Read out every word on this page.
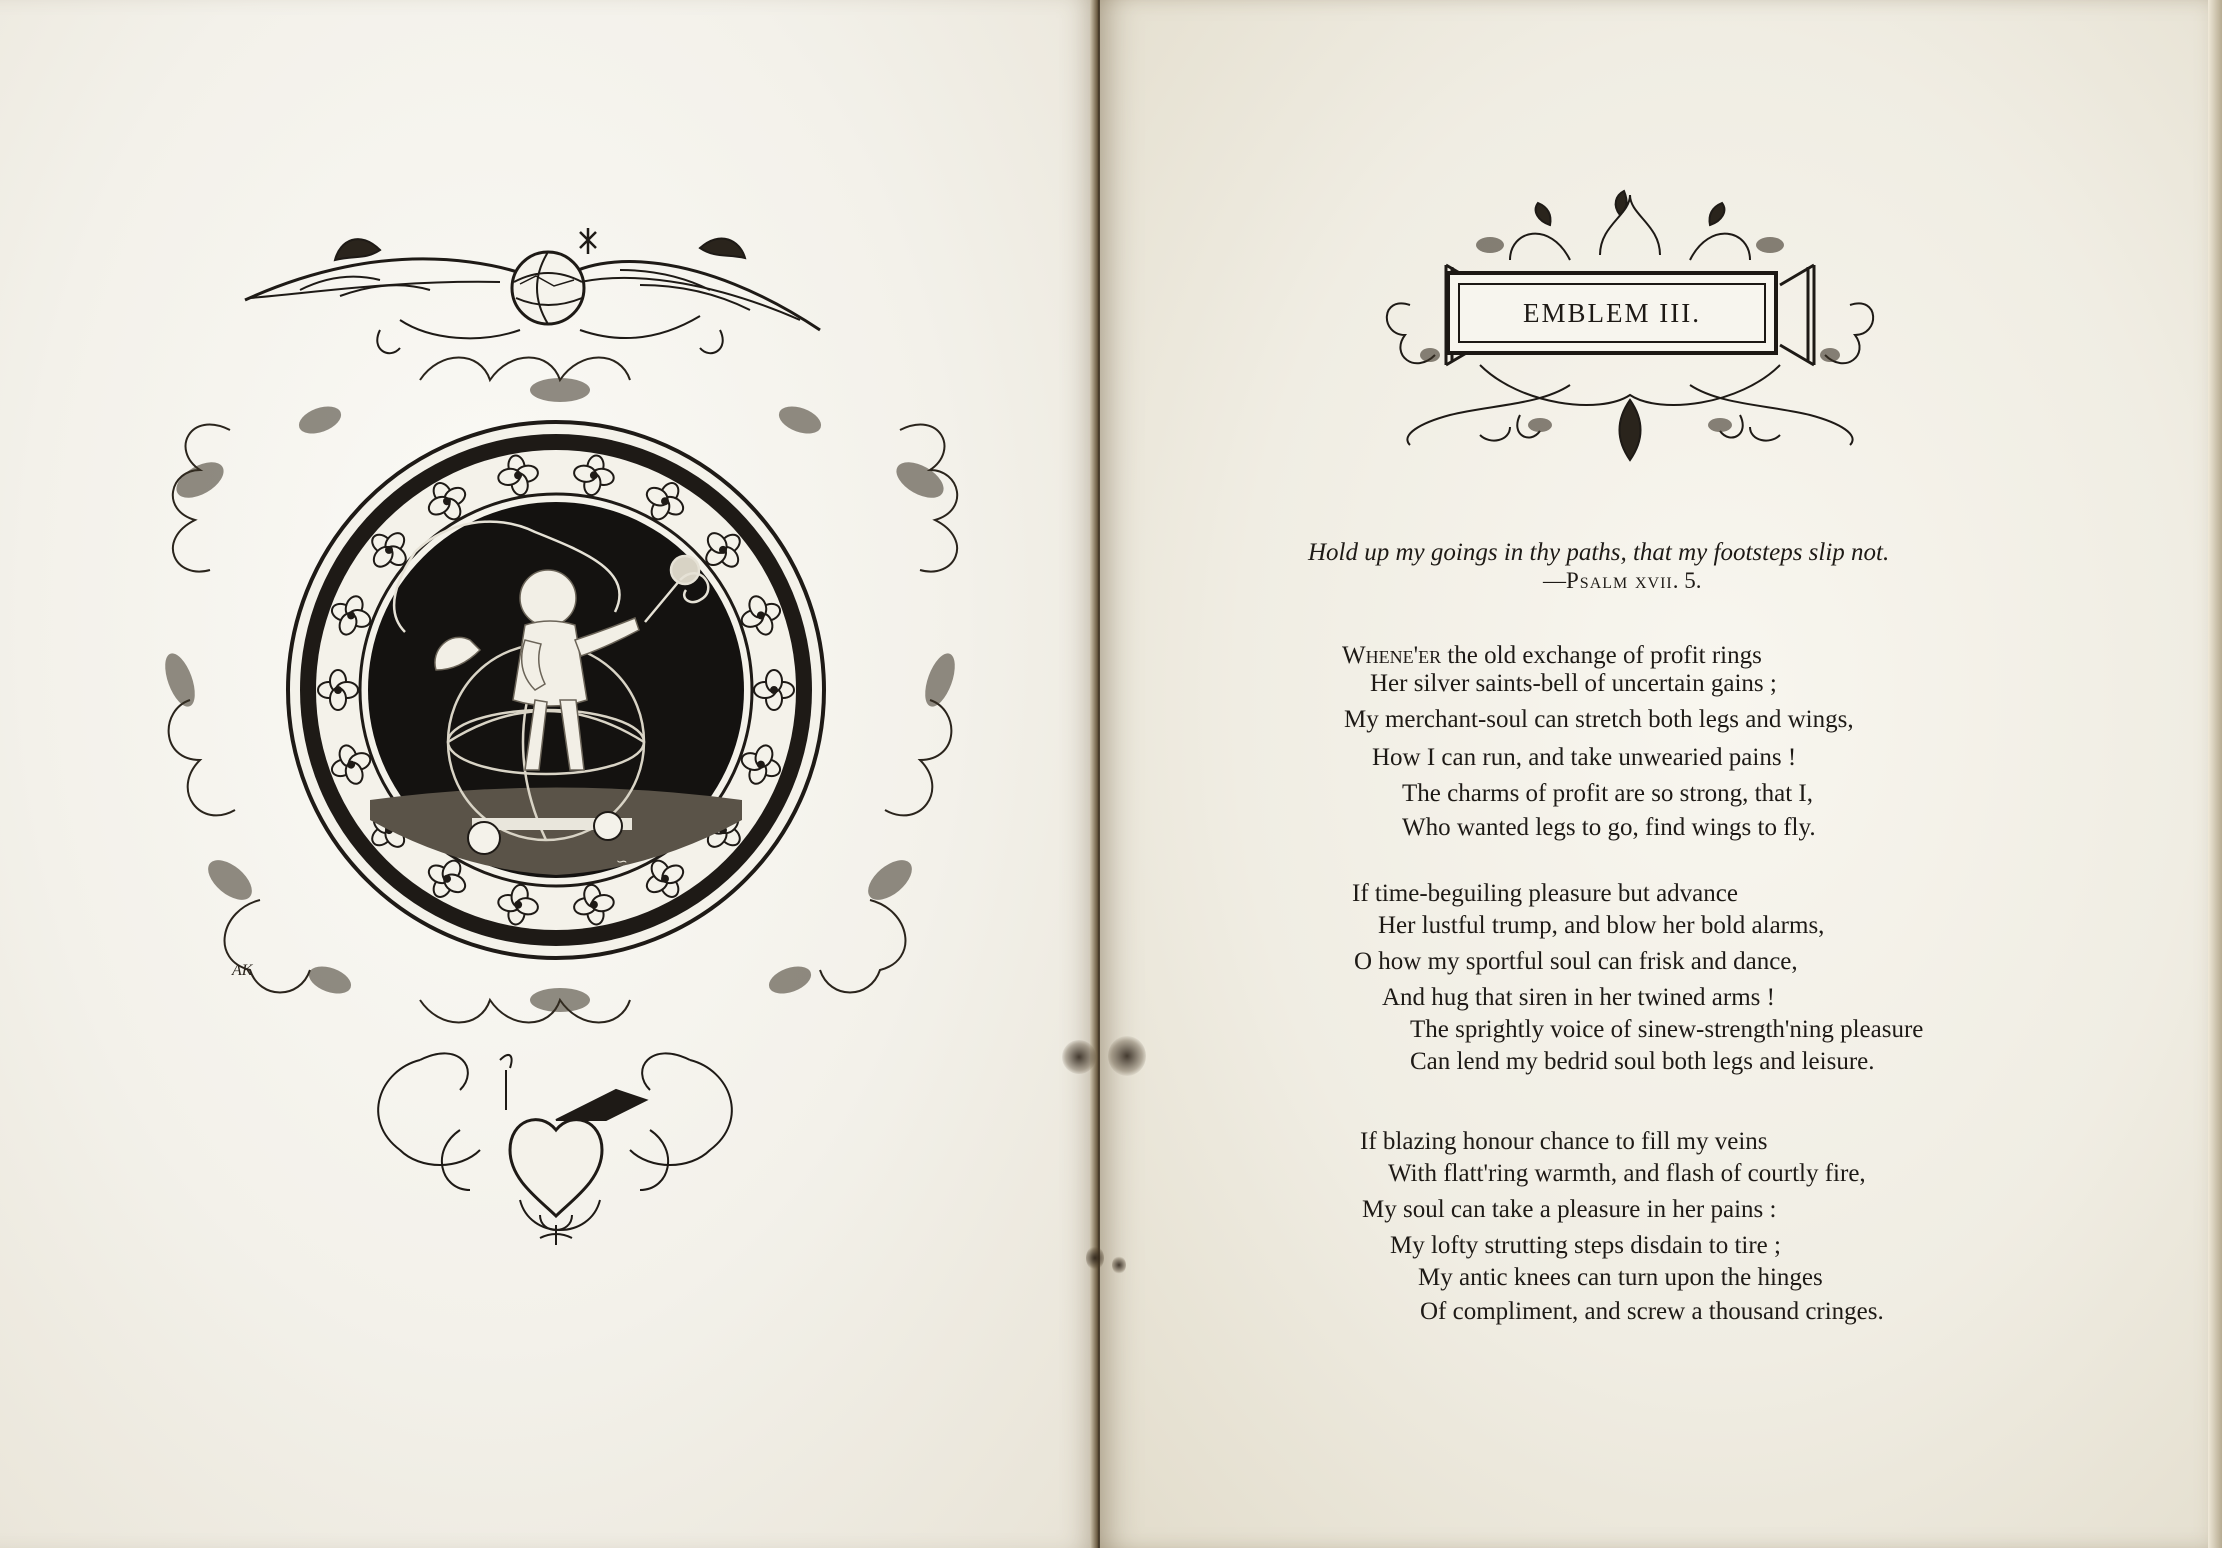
∽
AK
EMBLEM III.
Hold up my goings in thy paths, that my footsteps slip not.
—Psalm xvii. 5.
Whene'er the old exchange of profit rings
Her silver saints-bell of uncertain gains ;
My merchant-soul can stretch both legs and wings,
How I can run, and take unwearied pains !
The charms of profit are so strong, that I,
Who wanted legs to go, find wings to fly.
If time-beguiling pleasure but advance
Her lustful trump, and blow her bold alarms,
O how my sportful soul can frisk and dance,
And hug that siren in her twined arms !
The sprightly voice of sinew-strength'ning pleasure
Can lend my bedrid soul both legs and leisure.
If blazing honour chance to fill my veins
With flatt'ring warmth, and flash of courtly fire,
My soul can take a pleasure in her pains :
My lofty strutting steps disdain to tire ;
My antic knees can turn upon the hinges
Of compliment, and screw a thousand cringes.
